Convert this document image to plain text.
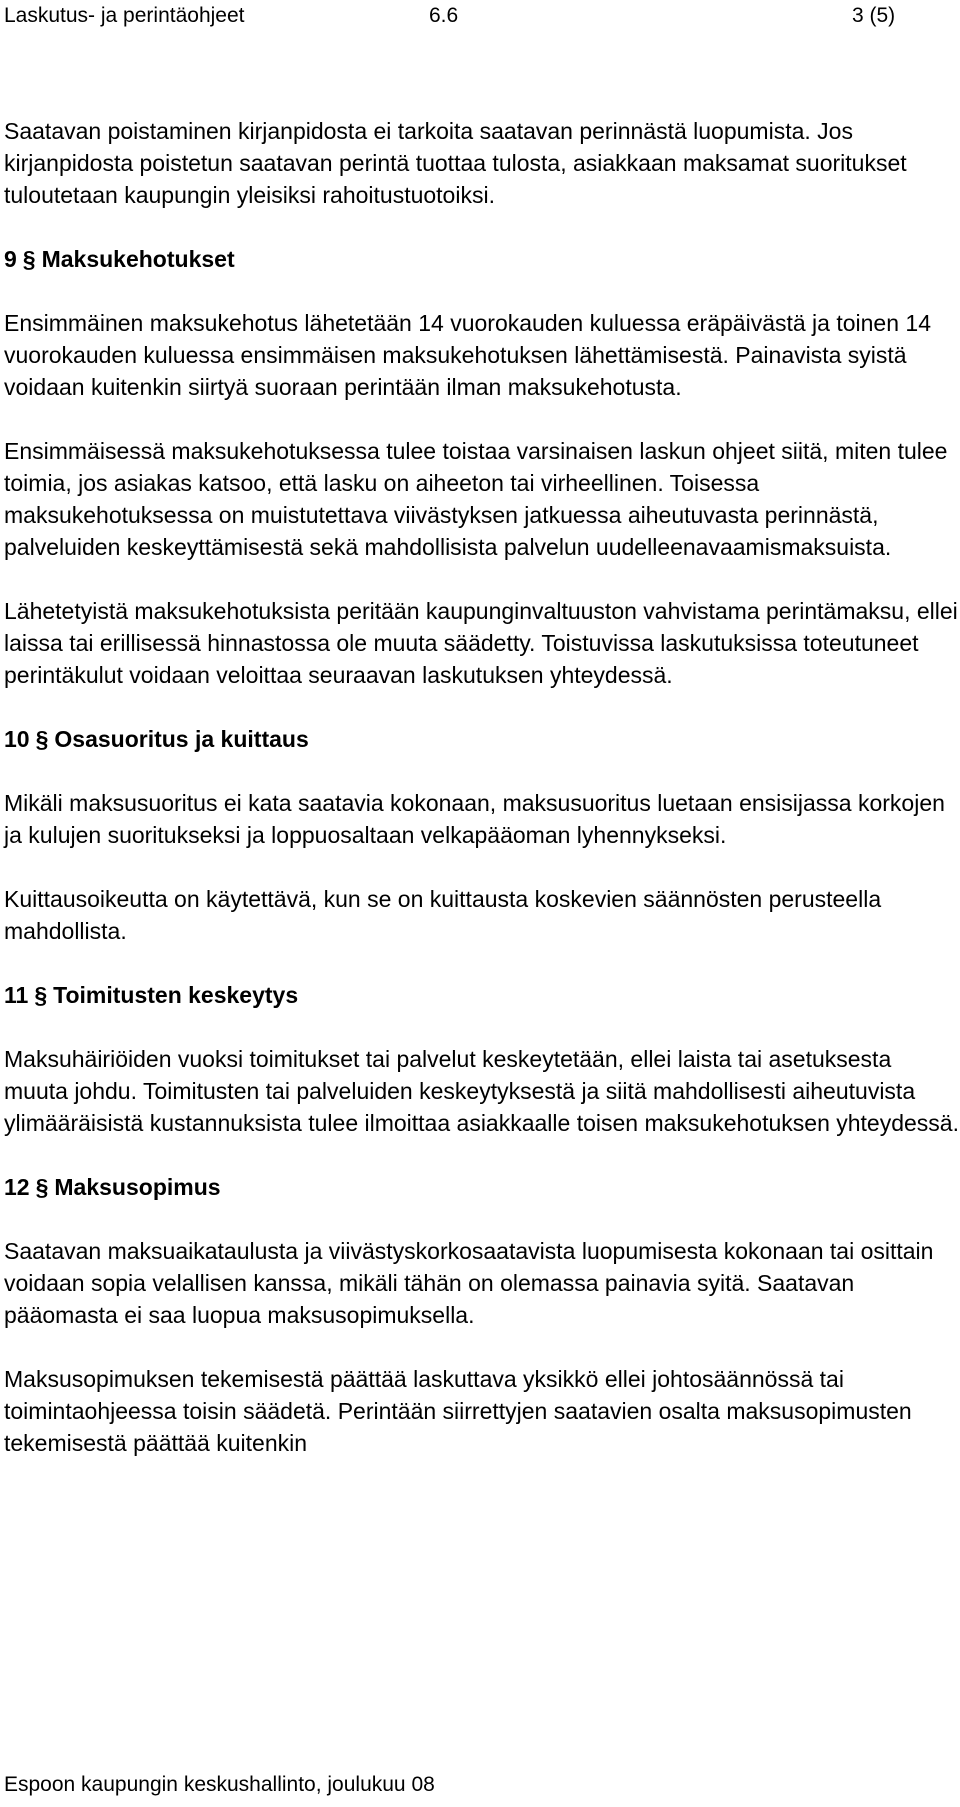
Laskutus- ja perintäohjeet	6.6	3 (5)

Saatavan poistaminen kirjanpidosta ei tarkoita saatavan perinnästä luopumista. Jos kirjanpidosta poistetun saatavan perintä tuottaa tulosta, asiakkaan maksamat suoritukset tuloutetaan kaupungin yleisiksi rahoitustuotoiksi.

9 § Maksukehotukset

Ensimmäinen maksukehotus lähetetään 14 vuorokauden kuluessa eräpäivästä ja toinen 14 vuorokauden kuluessa ensimmäisen maksukehotuksen lähettämisestä. Painavista syistä voidaan kuitenkin siirtyä suoraan perintään ilman maksukehotusta.

Ensimmäisessä maksukehotuksessa tulee toistaa varsinaisen laskun ohjeet siitä, miten tulee toimia, jos asiakas katsoo, että lasku on aiheeton tai virheellinen. Toisessa maksukehotuksessa on muistutettava viivästyksen jatkuessa aiheutuvasta perinnästä, palveluiden keskeyttämisestä sekä mahdollisista palvelun uudelleenavaamismaksuista.

Lähetetyistä maksukehotuksista peritään kaupunginvaltuuston vahvistama perintämaksu, ellei laissa tai erillisessä hinnastossa ole muuta säädetty. Toistuvissa laskutuksissa toteutuneet perintäkulut voidaan veloittaa seuraavan laskutuksen yhteydessä.

10 § Osasuoritus ja kuittaus

Mikäli maksusuoritus ei kata saatavia kokonaan, maksusuoritus luetaan ensisijassa korkojen ja kulujen suoritukseksi ja loppuosaltaan velkapääoman lyhennykseksi.

Kuittausoikeutta on käytettävä, kun se on kuittausta koskevien säännösten perusteella mahdollista.

11 § Toimitusten keskeytys

Maksuhäiriöiden vuoksi toimitukset tai palvelut keskeytetään, ellei laista tai asetuksesta muuta johdu. Toimitusten tai palveluiden keskeytyksestä ja siitä mahdollisesti aiheutuvista ylimääräisistä kustannuksista tulee ilmoittaa asiakkaalle toisen maksukehotuksen yhteydessä.

12 § Maksusopimus

Saatavan maksuaikataulusta ja viivästyskorkosaatavista luopumisesta kokonaan tai osittain voidaan sopia velallisen kanssa, mikäli tähän on olemassa painavia syitä. Saatavan pääomasta ei saa luopua maksusopimuksella.

Maksusopimuksen tekemisestä päättää laskuttava yksikkö ellei johtosäännössä tai toimintaohjeessa toisin säädetä. Perintään siirrettyjen saatavien osalta maksusopimusten tekemisestä päättää kuitenkin

Espoon kaupungin keskushallinto, joulukuu 08
